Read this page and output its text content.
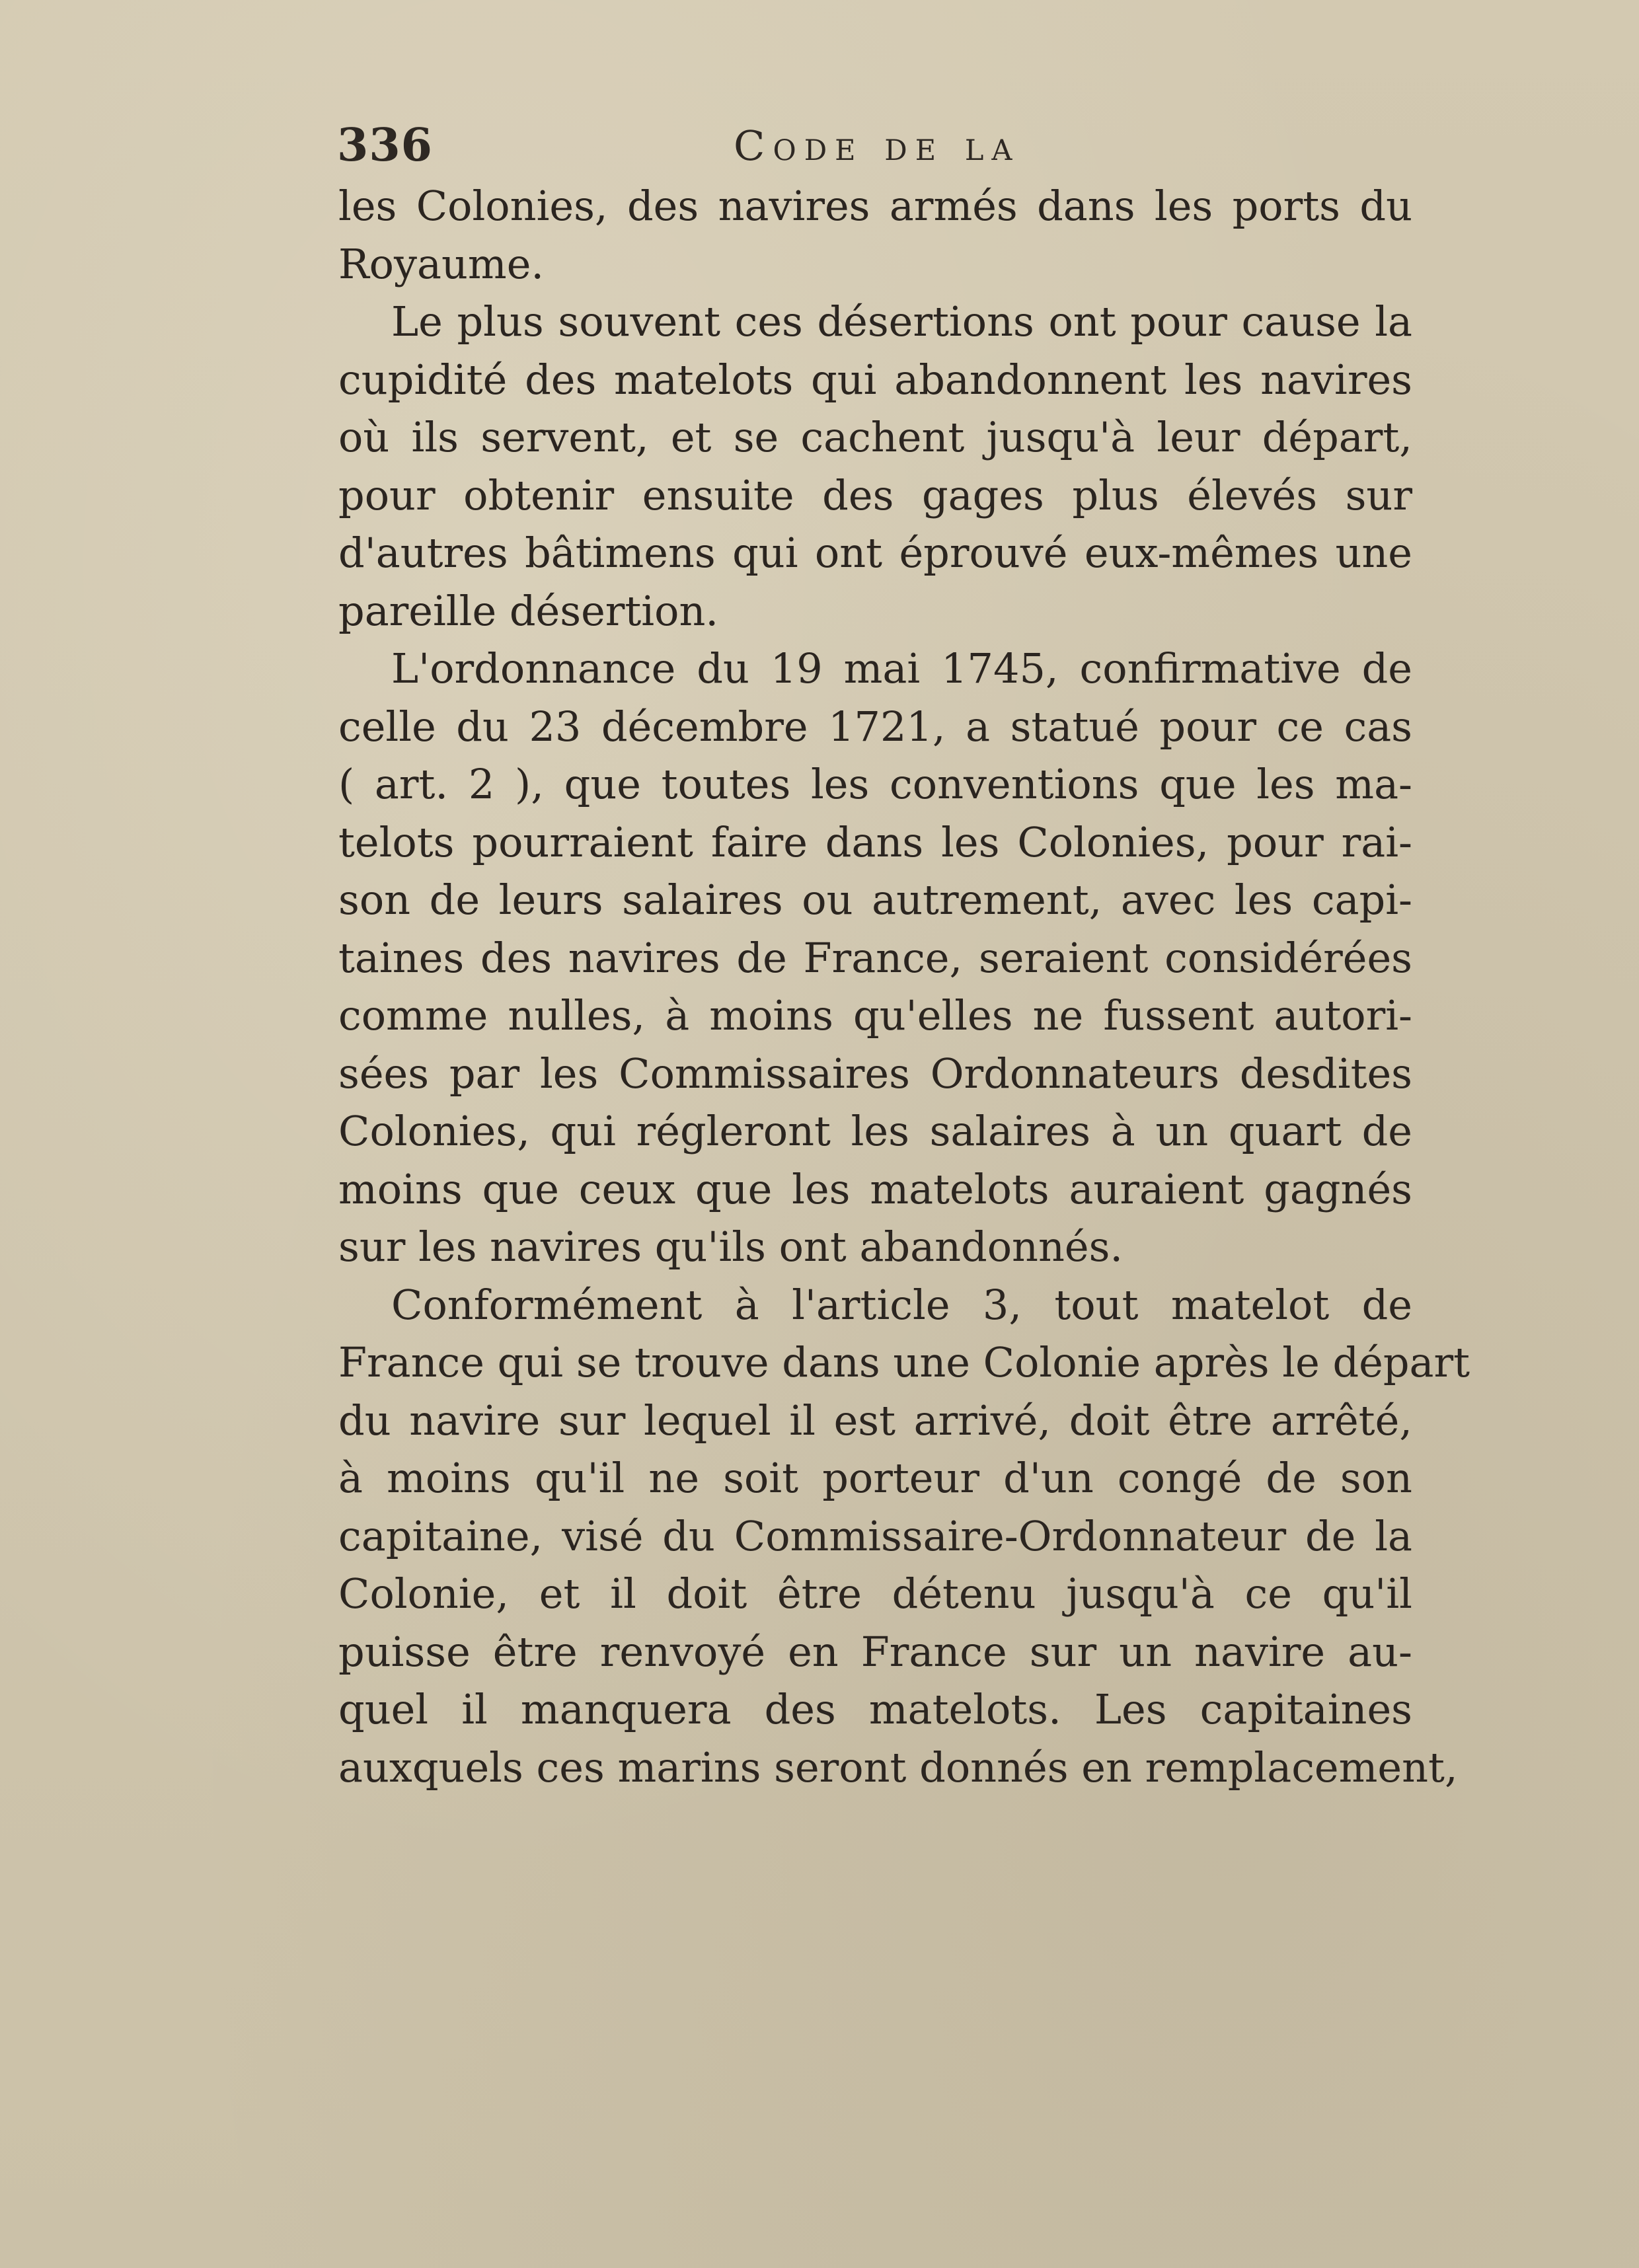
336	Code de la
les Colonies, des navires armés dans les ports du
Royaume.
Le plus souvent ces désertions ont pour cause la
cupidité des matelots qui abandonnent les navires
où ils servent, et se cachent jusqu'à leur départ,
pour obtenir ensuite des gages plus élevés sur
d'autres bâtimens qui ont éprouvé eux-mêmes une
pareille désertion.
L'ordonnance du 19 mai 1745, confirmative de
celle du 23 décembre 1721, a statué pour ce cas
( art. 2 ), que toutes les conventions que les ma-
telots pourraient faire dans les Colonies, pour rai-
son de leurs salaires ou autrement, avec les capi-
taines des navires de France, seraient considérées
comme nulles, à moins qu'elles ne fussent autori-
sées par les Commissaires Ordonnateurs desdites
Colonies, qui régleront les salaires à un quart de
moins que ceux que les matelots auraient gagnés
sur les navires qu'ils ont abandonnés.
Conformément à l'article 3, tout matelot de
France qui se trouve dans une Colonie après le départ
du navire sur lequel il est arrivé, doit être arrêté,
à moins qu'il ne soit porteur d'un congé de son
capitaine, visé du Commissaire-Ordonnateur de la
Colonie, et il doit être détenu jusqu'à ce qu'il
puisse être renvoyé en France sur un navire au-
quel il manquera des matelots. Les capitaines
auxquels ces marins seront donnés en remplacement,
